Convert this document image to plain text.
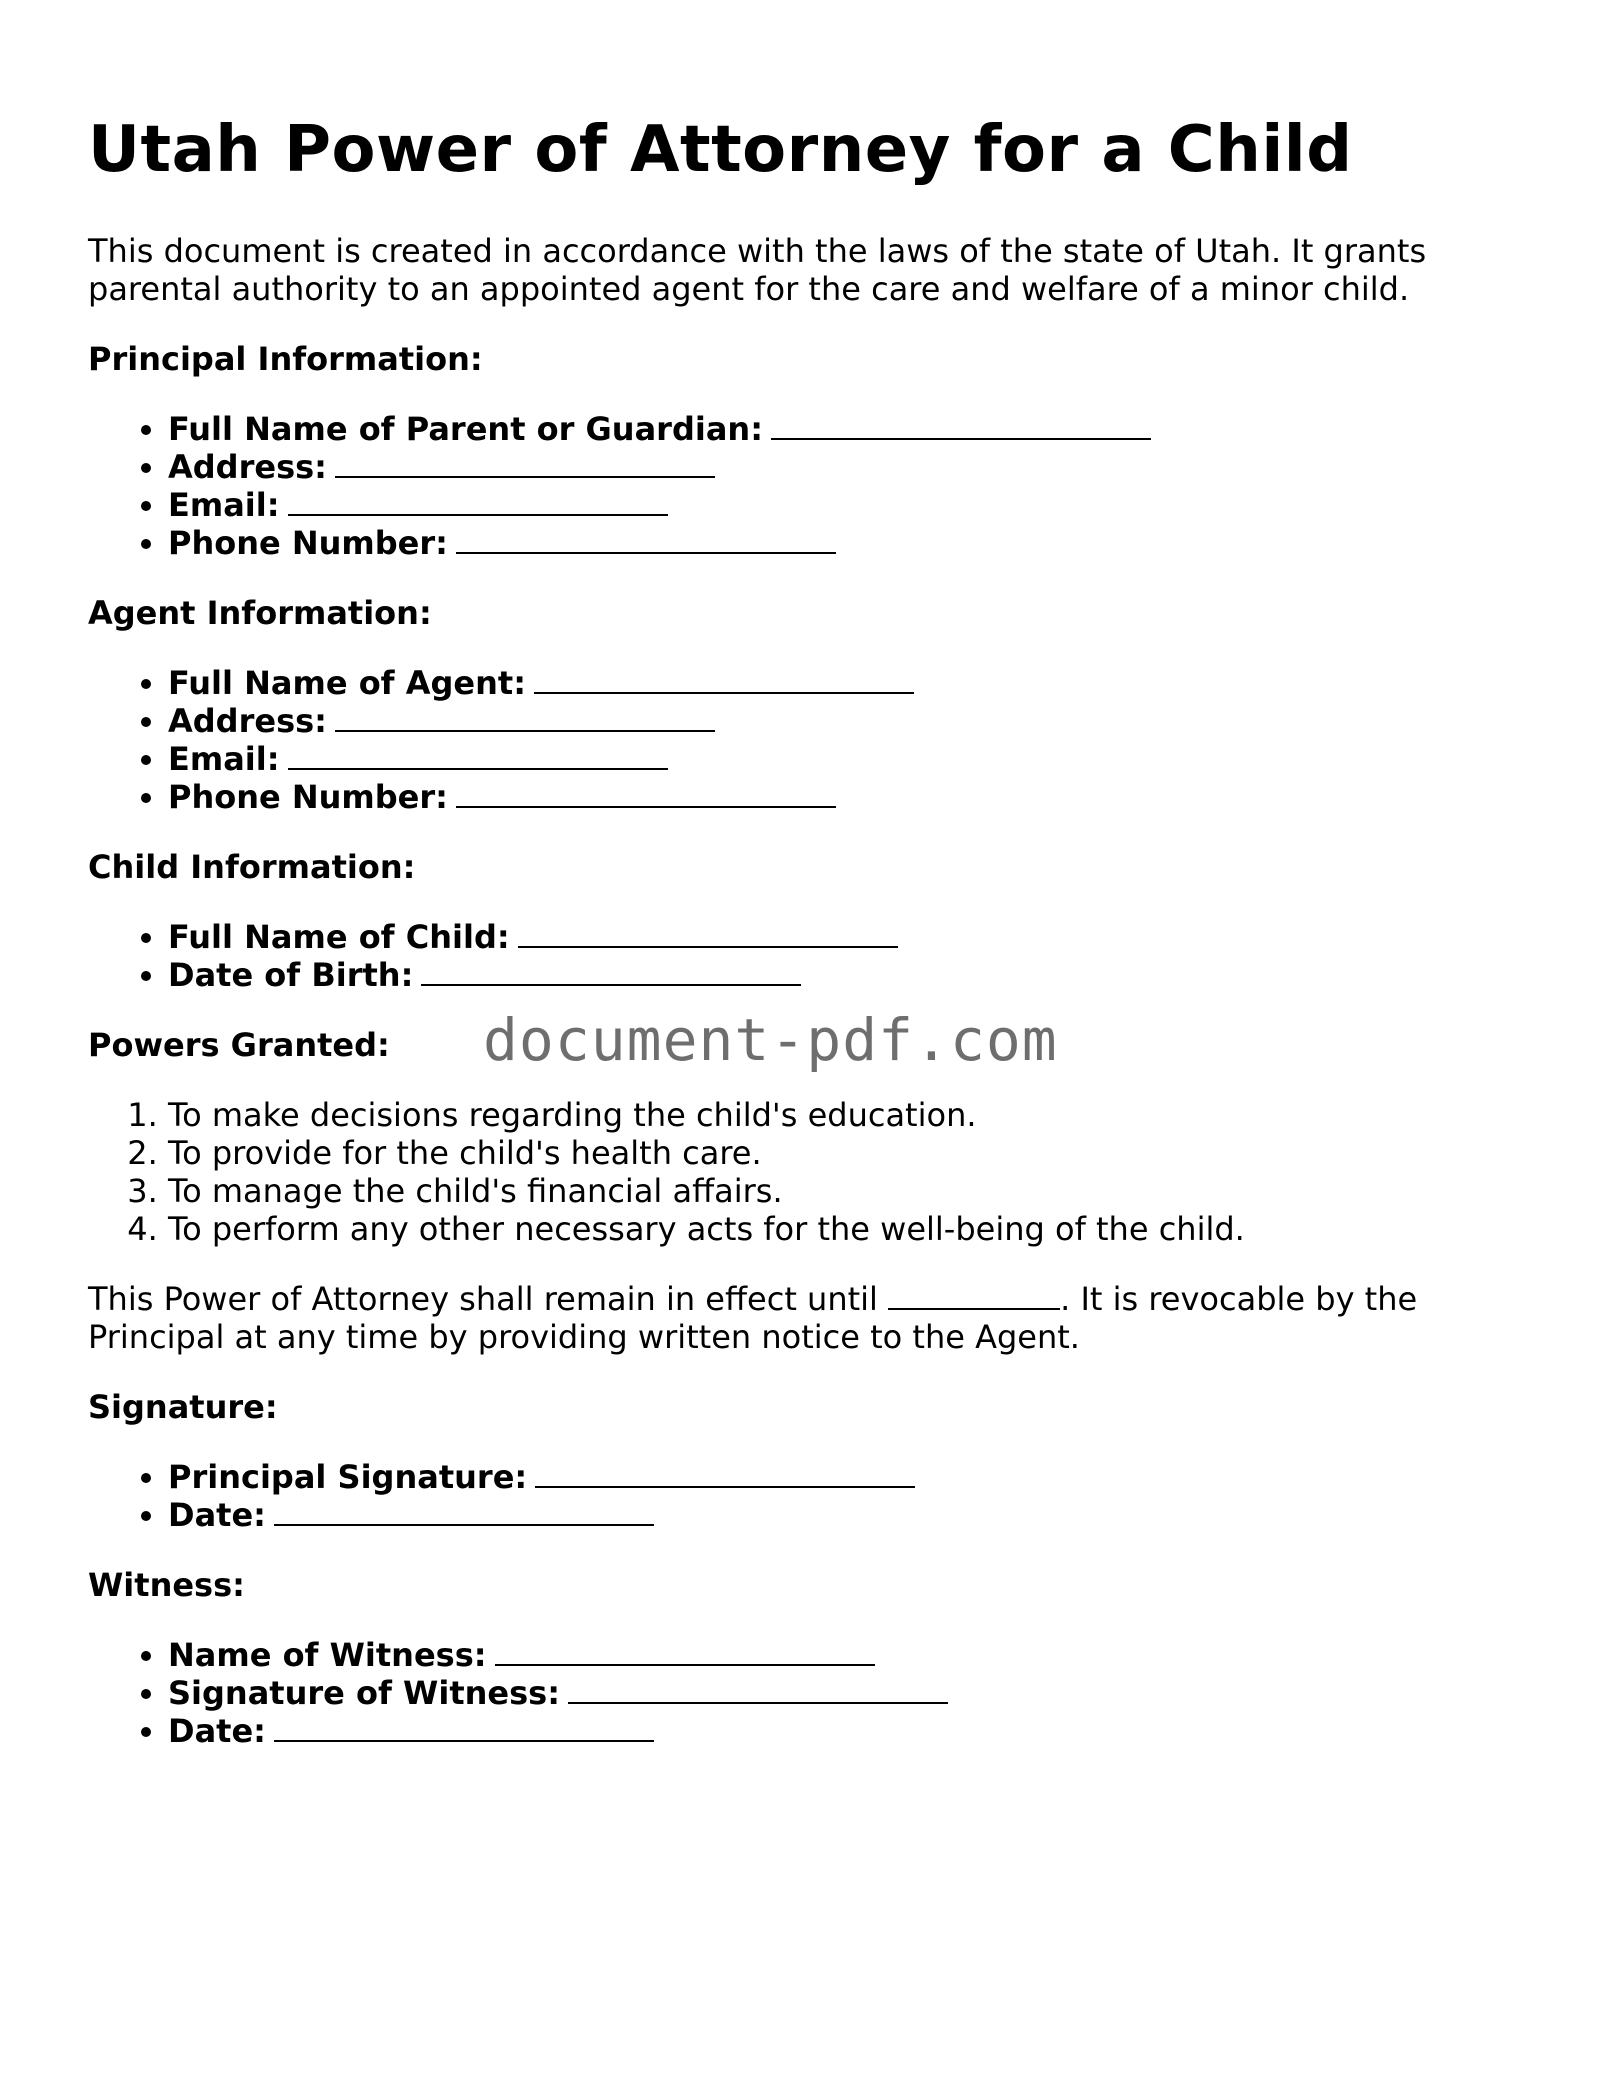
Utah Power of Attorney for a Child

This document is created in accordance with the laws of the state of Utah. It grants parental authority to an appointed agent for the care and welfare of a minor child.

Principal Information:
• Full Name of Parent or Guardian:
• Address:
• Email:
• Phone Number:
Agent Information:
• Full Name of Agent:
• Address:
• Email:
• Phone Number:
Child Information:
• Full Name of Child:
• Date of Birth:
Powers Granted:	document-pdf.com
1. To make decisions regarding the child's education.
2. To provide for the child's health care.
3. To manage the child's financial affairs.
4. To perform any other necessary acts for the well-being of the child.

This Power of Attorney shall remain in effect until	. It is revocable by the Principal at any time by providing written notice to the Agent.

Signature:
• Principal Signature:
• Date:
Witness:
• Name of Witness:
• Signature of Witness:
• Date:
